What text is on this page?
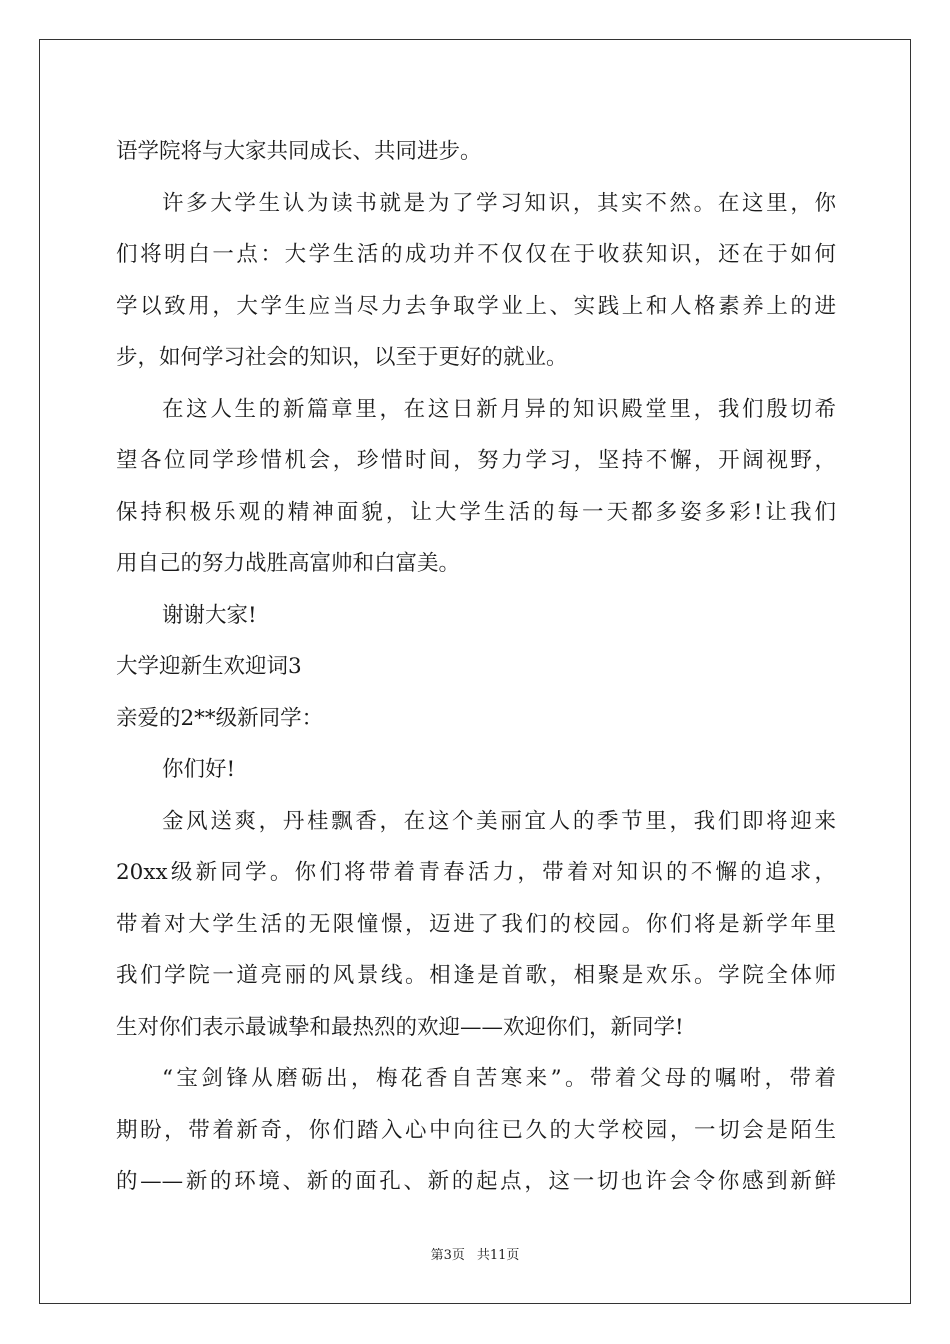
语学院将与大家共同成长、共同进步。
许多大学生认为读书就是为了学习知识，其实不然。在这里，你
们将明白一点：大学生活的成功并不仅仅在于收获知识，还在于如何
学以致用，大学生应当尽力去争取学业上、实践上和人格素养上的进
步，如何学习社会的知识，以至于更好的就业。
在这人生的新篇章里，在这日新月异的知识殿堂里，我们殷切希
望各位同学珍惜机会，珍惜时间，努力学习，坚持不懈，开阔视野，
保持积极乐观的精神面貌，让大学生活的每一天都多姿多彩!让我们
用自己的努力战胜高富帅和白富美。
谢谢大家!
大学迎新生欢迎词3
亲爱的2**级新同学：
你们好!
金风送爽，丹桂飘香，在这个美丽宜人的季节里，我们即将迎来
20xx级新同学。你们将带着青春活力，带着对知识的不懈的追求，
带着对大学生活的无限憧憬，迈进了我们的校园。你们将是新学年里
我们学院一道亮丽的风景线。相逢是首歌，相聚是欢乐。学院全体师
生对你们表示最诚挚和最热烈的欢迎——欢迎你们，新同学!
“宝剑锋从磨砺出，梅花香自苦寒来”。带着父母的嘱咐，带着
期盼，带着新奇，你们踏入心中向往已久的大学校园，一切会是陌生
的——新的环境、新的面孔、新的起点，这一切也许会令你感到新鲜
第3页 共11页
